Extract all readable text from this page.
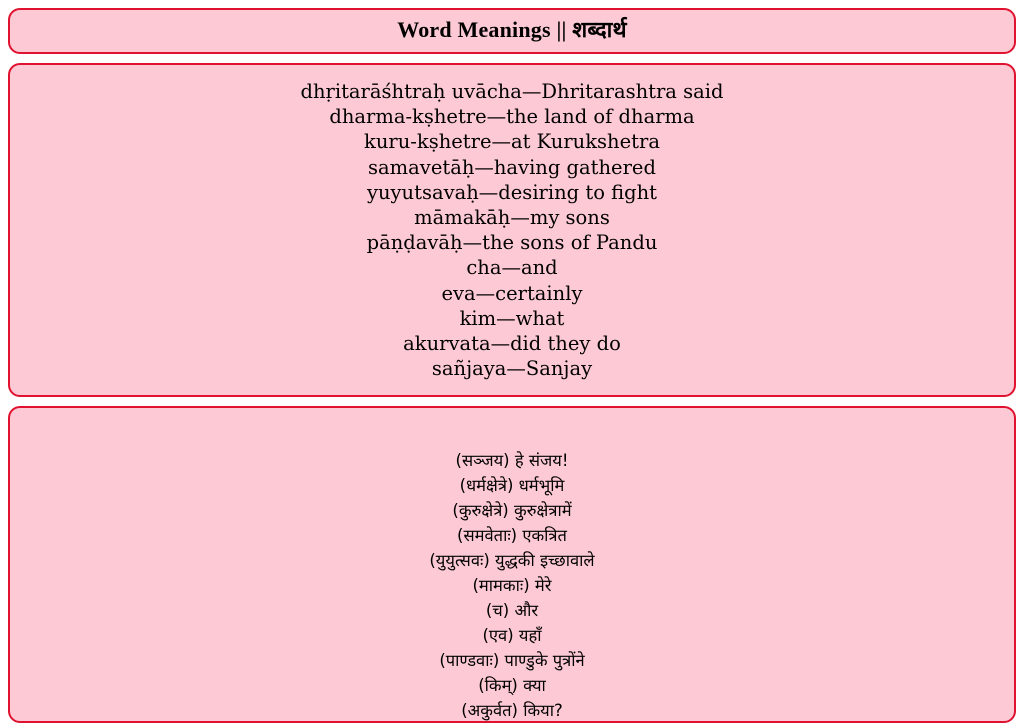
Word Meanings || शब्दार्थ
dhṛitarāśhtraḥ uvācha—Dhritarashtra said
dharma-kṣhetre—the land of dharma
kuru-kṣhetre—at Kurukshetra
samavetāḥ—having gathered
yuyutsavaḥ—desiring to fight
māmakāḥ—my sons
pāṇḍavāḥ—the sons of Pandu
cha—and
eva—certainly
kim—what
akurvata—did they do
sañjaya—Sanjay
(सञ्जय) हे संजय!
(धर्मक्षेत्रे) धर्मभूमि
(कुरुक्षेत्रे) कुरुक्षेत्रामें
(समवेताः) एकत्रित
(युयुत्सवः) युद्धकी इच्छावाले
(मामकाः) मेरे
(च) और
(एव) यहाँ
(पाण्डवाः) पाण्डुके पुत्रोंने
(किम्) क्या
(अकुर्वत) किया?
